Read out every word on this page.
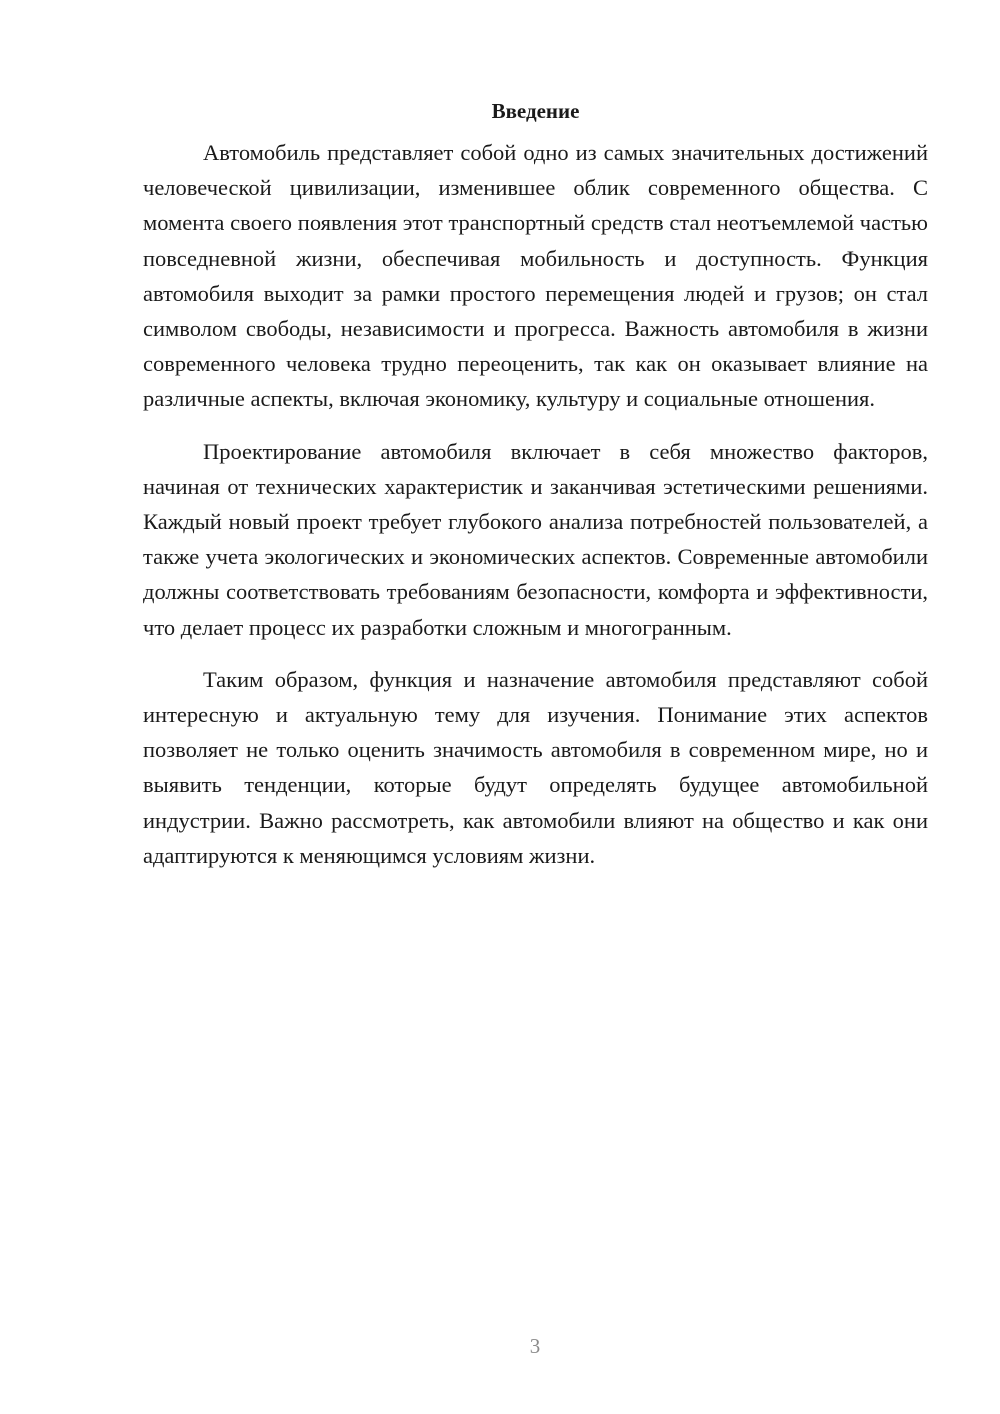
Введение

Автомобиль представляет собой одно из самых значительных достижений человеческой цивилизации, изменившее облик современного общества. С момента своего появления этот транспортный средств стал неотъемлемой частью повседневной жизни, обеспечивая мобильность и доступность. Функция автомобиля выходит за рамки простого перемещения людей и грузов; он стал символом свободы, независимости и прогресса. Важность автомобиля в жизни современного человека трудно переоценить, так как он оказывает влияние на различные аспекты, включая экономику, культуру и социальные отношения.

Проектирование автомобиля включает в себя множество факторов, начиная от технических характеристик и заканчивая эстетическими решениями. Каждый новый проект требует глубокого анализа потребностей пользователей, а также учета экологических и экономических аспектов. Современные автомобили должны соответствовать требованиям безопасности, комфорта и эффективности, что делает процесс их разработки сложным и многогранным.

Таким образом, функция и назначение автомобиля представляют собой интересную и актуальную тему для изучения. Понимание этих аспектов позволяет не только оценить значимость автомобиля в современном мире, но и выявить тенденции, которые будут определять будущее автомобильной индустрии. Важно рассмотреть, как автомобили влияют на общество и как они адаптируются к меняющимся условиям жизни.

3
